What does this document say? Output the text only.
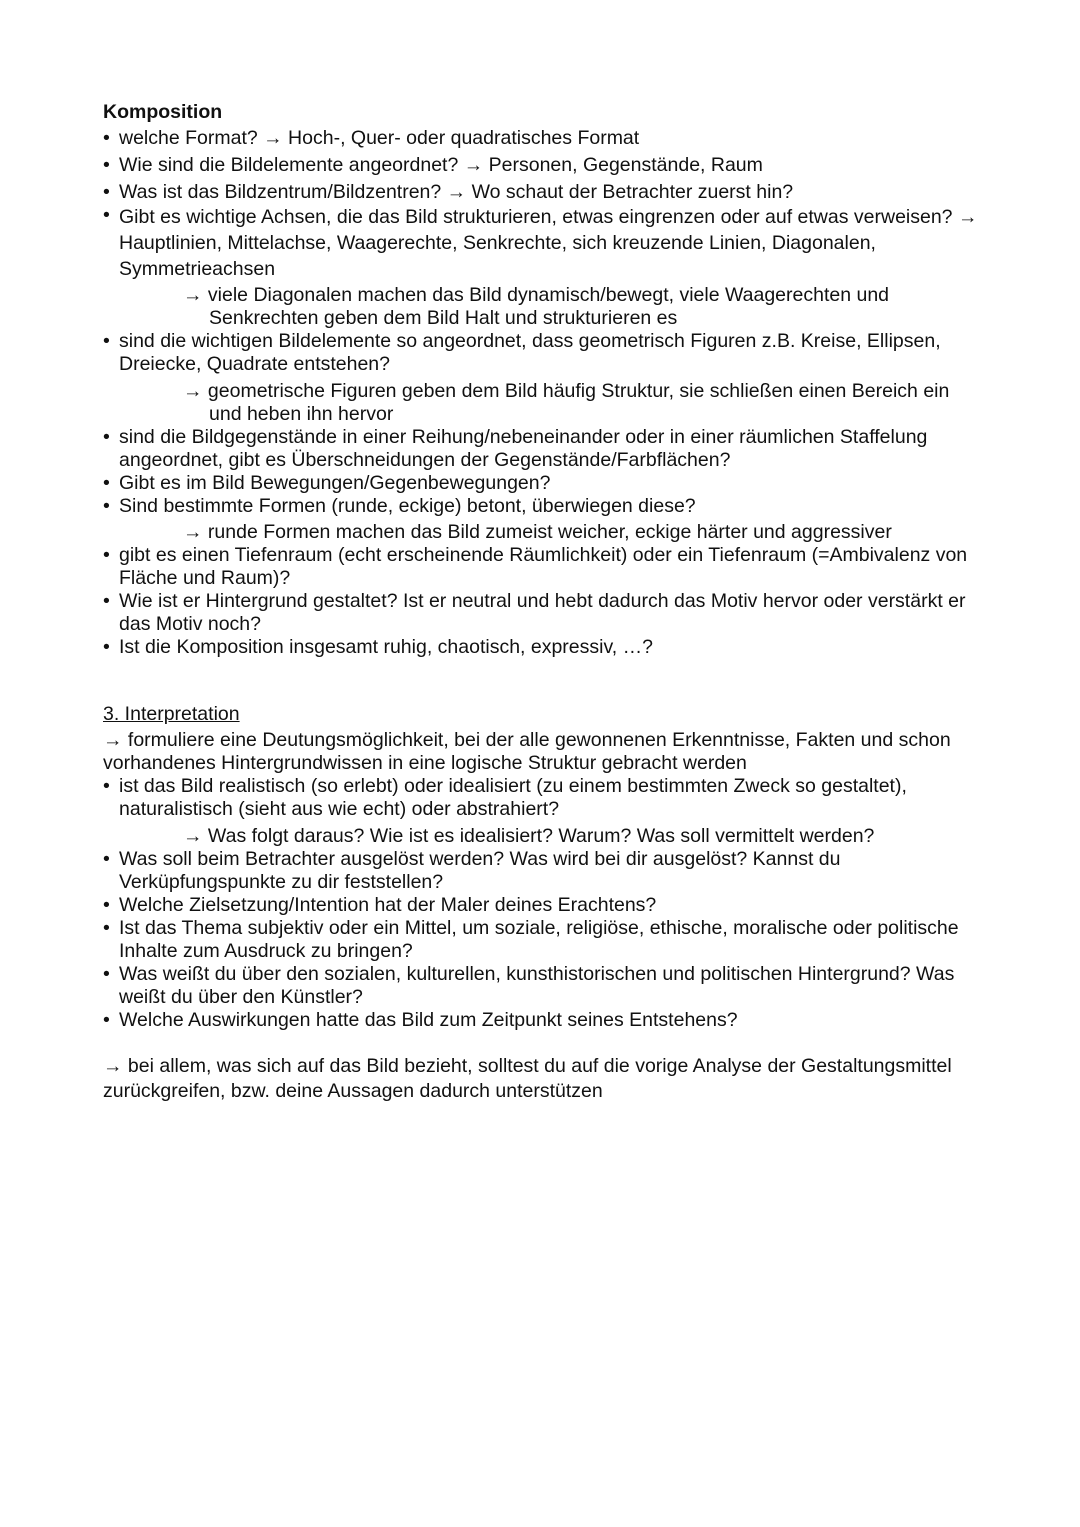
Komposition
• welche Format? → Hoch-, Quer- oder quadratisches Format
• Wie sind die Bildelemente angeordnet? → Personen, Gegenstände, Raum
• Was ist das Bildzentrum/Bildzentren? → Wo schaut der Betrachter zuerst hin?
• Gibt es wichtige Achsen, die das Bild strukturieren, etwas eingrenzen oder auf etwas verweisen? → Hauptlinien, Mittelachse, Waagerechte, Senkrechte, sich kreuzende Linien, Diagonalen, Symmetrieachsen
→ viele Diagonalen machen das Bild dynamisch/bewegt, viele Waagerechten und Senkrechten geben dem Bild Halt und strukturieren es
• sind die wichtigen Bildelemente so angeordnet, dass geometrisch Figuren z.B. Kreise, Ellipsen, Dreiecke, Quadrate entstehen?
→ geometrische Figuren geben dem Bild häufig Struktur, sie schließen einen Bereich ein und heben ihn hervor
• sind die Bildgegenstände in einer Reihung/nebeneinander oder in einer räumlichen Staffelung angeordnet, gibt es Überschneidungen der Gegenstände/Farbflächen?
• Gibt es im Bild Bewegungen/Gegenbewegungen?
• Sind bestimmte Formen (runde, eckige) betont, überwiegen diese?
→ runde Formen machen das Bild zumeist weicher, eckige härter und aggressiver
• gibt es einen Tiefenraum (echt erscheinende Räumlichkeit) oder ein Tiefenraum (=Ambivalenz von Fläche und Raum)?
• Wie ist er Hintergrund gestaltet? Ist er neutral und hebt dadurch das Motiv hervor oder verstärkt er das Motiv noch?
• Ist die Komposition insgesamt ruhig, chaotisch, expressiv, …?
3. Interpretation
→ formuliere eine Deutungsmöglichkeit, bei der alle gewonnenen Erkenntnisse, Fakten und schon vorhandenes Hintergrundwissen in eine logische Struktur gebracht werden
• ist das Bild realistisch (so erlebt) oder idealisiert (zu einem bestimmten Zweck so gestaltet), naturalistisch (sieht aus wie echt) oder abstrahiert?
→ Was folgt daraus? Wie ist es idealisiert? Warum? Was soll vermittelt werden?
• Was soll beim Betrachter ausgelöst werden? Was wird bei dir ausgelöst? Kannst du Verküpfungspunkte zu dir feststellen?
• Welche Zielsetzung/Intention hat der Maler deines Erachtens?
• Ist das Thema subjektiv oder ein Mittel, um soziale, religiöse, ethische, moralische oder politische Inhalte zum Ausdruck zu bringen?
• Was weißt du über den sozialen, kulturellen, kunsthistorischen und politischen Hintergrund? Was weißt du über den Künstler?
• Welche Auswirkungen hatte das Bild zum Zeitpunkt seines Entstehens?
→ bei allem, was sich auf das Bild bezieht, solltest du auf die vorige Analyse der Gestaltungsmittel zurückgreifen, bzw. deine Aussagen dadurch unterstützen
